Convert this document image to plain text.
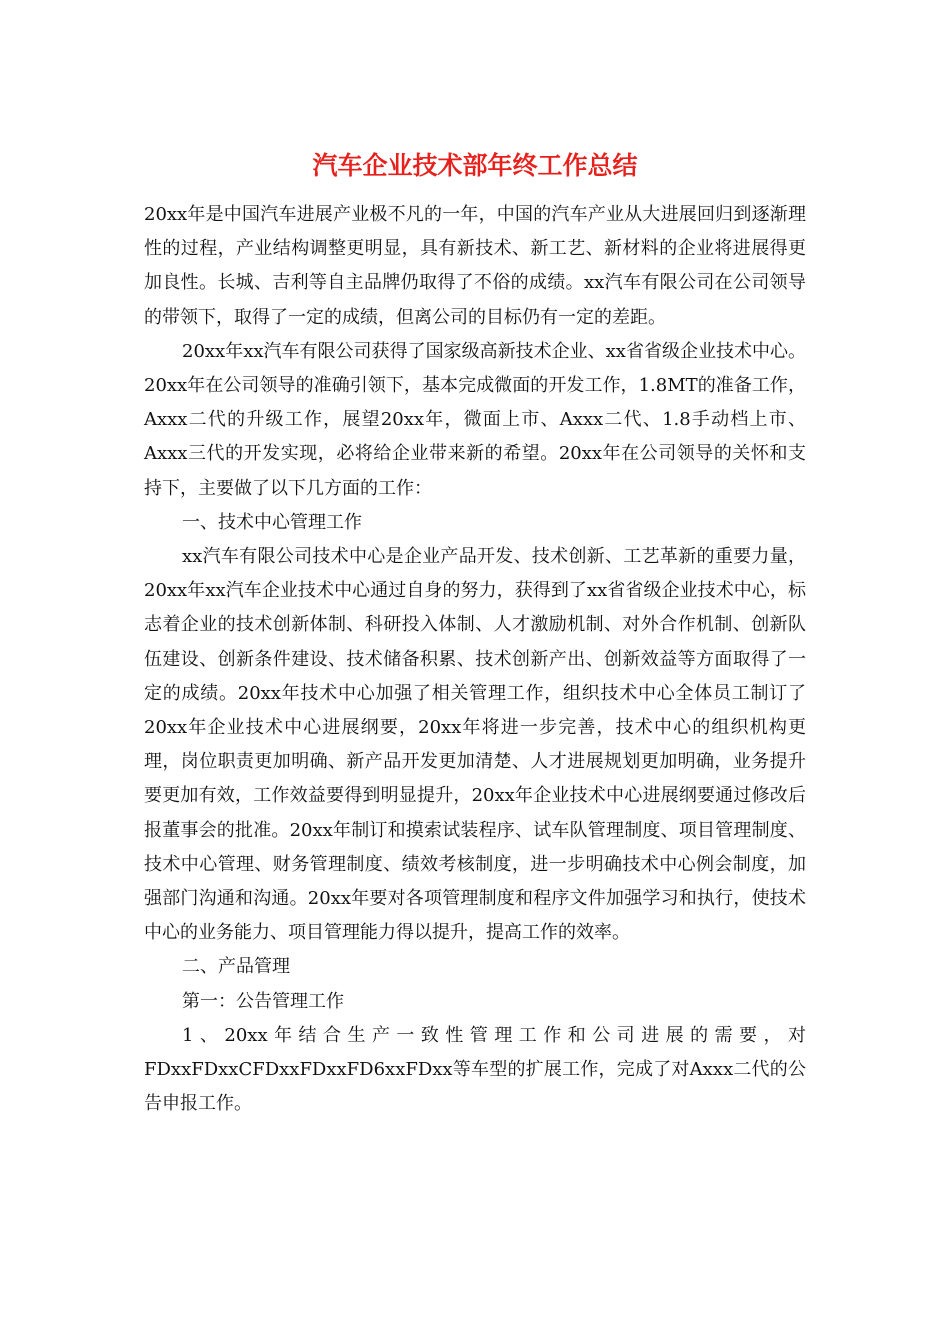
汽车企业技术部年终工作总结

20xx年是中国汽车进展产业极不凡的一年，中国的汽车产业从大进展回归到逐渐理性的过程，产业结构调整更明显，具有新技术、新工艺、新材料的企业将进展得更加良性。长城、吉利等自主品牌仍取得了不俗的成绩。xx汽车有限公司在公司领导的带领下，取得了一定的成绩，但离公司的目标仍有一定的差距。

20xx年xx汽车有限公司获得了国家级高新技术企业、xx省省级企业技术中心。20xx年在公司领导的准确引领下，基本完成微面的开发工作，1.8MT的准备工作，Axxx二代的升级工作，展望20xx年，微面上市、Axxx二代、1.8手动档上市、Axxx三代的开发实现，必将给企业带来新的希望。20xx年在公司领导的关怀和支持下，主要做了以下几方面的工作：

一、技术中心管理工作

xx汽车有限公司技术中心是企业产品开发、技术创新、工艺革新的重要力量，20xx年xx汽车企业技术中心通过自身的努力，获得到了xx省省级企业技术中心，标志着企业的技术创新体制、科研投入体制、人才激励机制、对外合作机制、创新队伍建设、创新条件建设、技术储备积累、技术创新产出、创新效益等方面取得了一定的成绩。20xx年技术中心加强了相关管理工作，组织技术中心全体员工制订了20xx年企业技术中心进展纲要，20xx年将进一步完善，技术中心的组织机构更理，岗位职责更加明确、新产品开发更加清楚、人才进展规划更加明确，业务提升要更加有效，工作效益要得到明显提升，20xx年企业技术中心进展纲要通过修改后报董事会的批准。20xx年制订和摸索试装程序、试车队管理制度、项目管理制度、技术中心管理、财务管理制度、绩效考核制度，进一步明确技术中心例会制度，加强部门沟通和沟通。20xx年要对各项管理制度和程序文件加强学习和执行，使技术中心的业务能力、项目管理能力得以提升，提高工作的效率。

二、产品管理

第一：公告管理工作

1、20xx年结合生产一致性管理工作和公司进展的需要，对FDxxFDxxCFDxxFDxxFD6xxFDxx等车型的扩展工作，完成了对Axxx二代的公告申报工作。
